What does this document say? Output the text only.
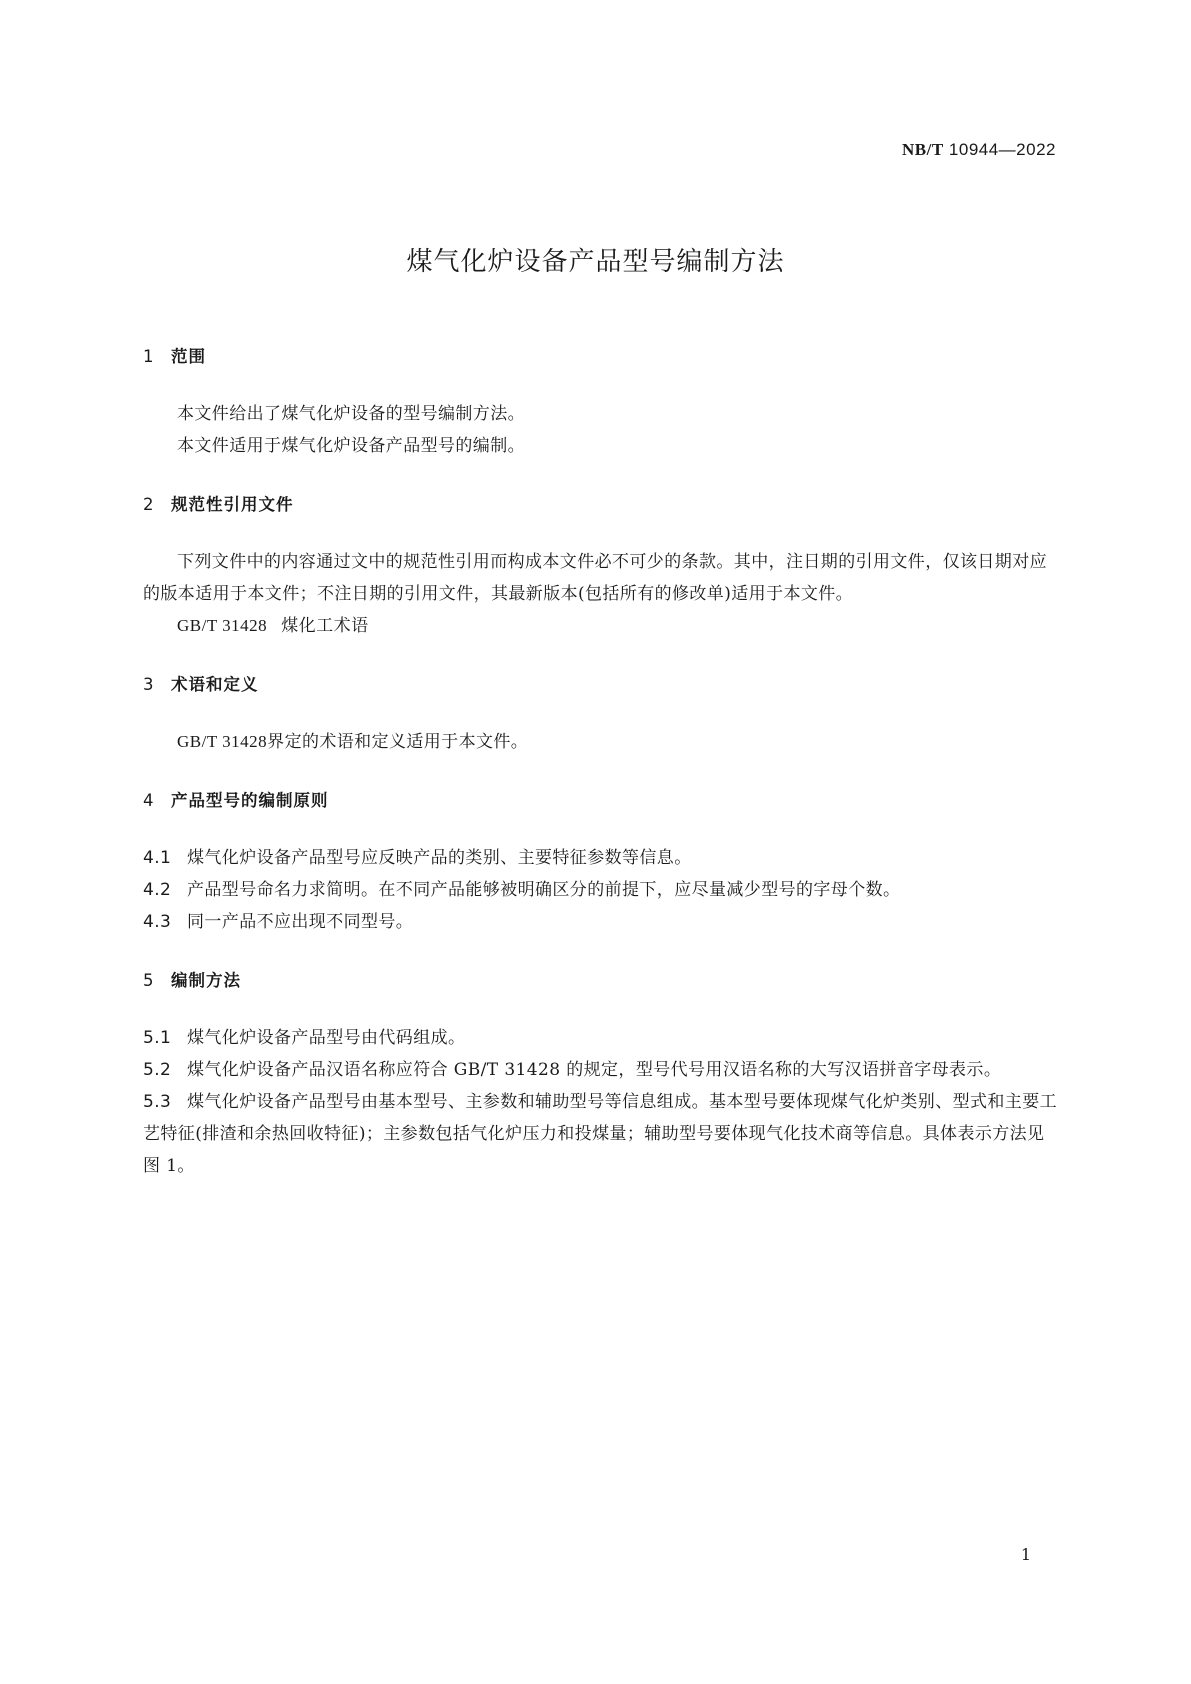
NB/T 10944—2022
煤气化炉设备产品型号编制方法
1 范围
本文件给出了煤气化炉设备的型号编制方法。
本文件适用于煤气化炉设备产品型号的编制。
2 规范性引用文件
下列文件中的内容通过文中的规范性引用而构成本文件必不可少的条款。其中，注日期的引用文件，仅该日期对应的版本适用于本文件；不注日期的引用文件，其最新版本(包括所有的修改单)适用于本文件。
GB/T 31428 煤化工术语
3 术语和定义
GB/T 31428界定的术语和定义适用于本文件。
4 产品型号的编制原则
4.1 煤气化炉设备产品型号应反映产品的类别、主要特征参数等信息。
4.2 产品型号命名力求简明。在不同产品能够被明确区分的前提下，应尽量减少型号的字母个数。
4.3 同一产品不应出现不同型号。
5 编制方法
5.1 煤气化炉设备产品型号由代码组成。
5.2 煤气化炉设备产品汉语名称应符合 GB/T 31428 的规定，型号代号用汉语名称的大写汉语拼音字母表示。
5.3 煤气化炉设备产品型号由基本型号、主参数和辅助型号等信息组成。基本型号要体现煤气化炉类别、型式和主要工艺特征(排渣和余热回收特征)；主参数包括气化炉压力和投煤量；辅助型号要体现气化技术商等信息。具体表示方法见图 1。
1
